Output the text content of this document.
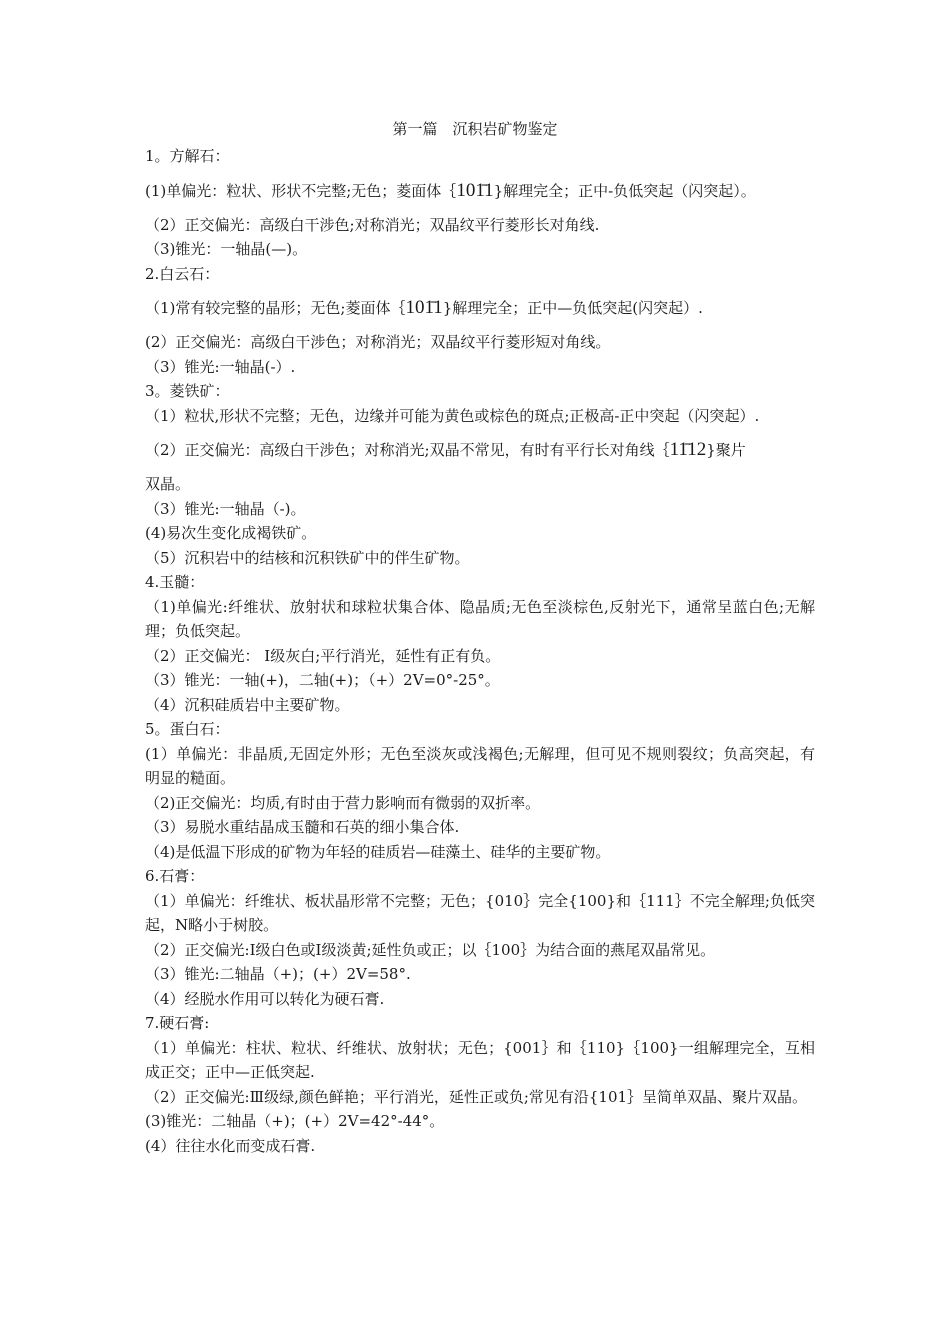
第一篇　沉积岩矿物鉴定

1。方解石：

(1)单偏光：粒状、形状不完整;无色；菱面体｛101̄1}解理完全；正中-负低突起（闪突起）。

（2）正交偏光：高级白干涉色;对称消光；双晶纹平行菱形长对角线.

（3)锥光：一轴晶(—)。

2.白云石：

（1)常有较完整的晶形；无色;菱面体｛101̄1}解理完全；正中—负低突起(闪突起）.

(2）正交偏光：高级白干涉色；对称消光；双晶纹平行菱形短对角线。

（3）锥光:一轴晶(-）.

3。菱铁矿：

（1）粒状,形状不完整；无色，边缘并可能为黄色或棕色的斑点;正极高-正中突起（闪突起）.

（2）正交偏光：高级白干涉色；对称消光;双晶不常见，有时有平行长对角线｛11̄12}聚片

双晶。

（3）锥光:一轴晶（-)。

(4)易次生变化成褐铁矿。

（5）沉积岩中的结核和沉积铁矿中的伴生矿物。

4.玉髓：

（1)单偏光:纤维状、放射状和球粒状集合体、隐晶质;无色至淡棕色,反射光下，通常呈蓝白色;无解理；负低突起。

（2）正交偏光： Ⅰ级灰白;平行消光，延性有正有负。

（3）锥光：一轴(+)，二轴(+)；（+）2V=0°-25°。

（4）沉积硅质岩中主要矿物。

5。蛋白石：

(1）单偏光：非晶质,无固定外形；无色至淡灰或浅褐色;无解理，但可见不规则裂纹；负高突起，有明显的糙面。

（2)正交偏光：均质,有时由于营力影响而有微弱的双折率。

（3）易脱水重结晶成玉髓和石英的细小集合体.

（4)是低温下形成的矿物为年轻的硅质岩—硅藻土、硅华的主要矿物。

6.石膏：

（1）单偏光：纤维状、板状晶形常不完整；无色；{010｝完全{100}和｛111｝不完全解理;负低突起，N略小于树胶。

（2）正交偏光:Ⅰ级白色或Ⅰ级淡黄;延性负或正；以｛100｝为结合面的燕尾双晶常见。

（3）锥光:二轴晶（+)；(+）2V=58°.

（4）经脱水作用可以转化为硬石膏.

7.硬石膏:

（1）单偏光：柱状、粒状、纤维状、放射状；无色；{001｝和｛110}｛100}一组解理完全，互相成正交；正中—正低突起.

（2）正交偏光:Ⅲ级绿,颜色鲜艳；平行消光，延性正或负;常见有沿{101｝呈简单双晶、聚片双晶。

(3)锥光：二轴晶（+)；(+）2V=42°-44°。

(4）往往水化而变成石膏.
